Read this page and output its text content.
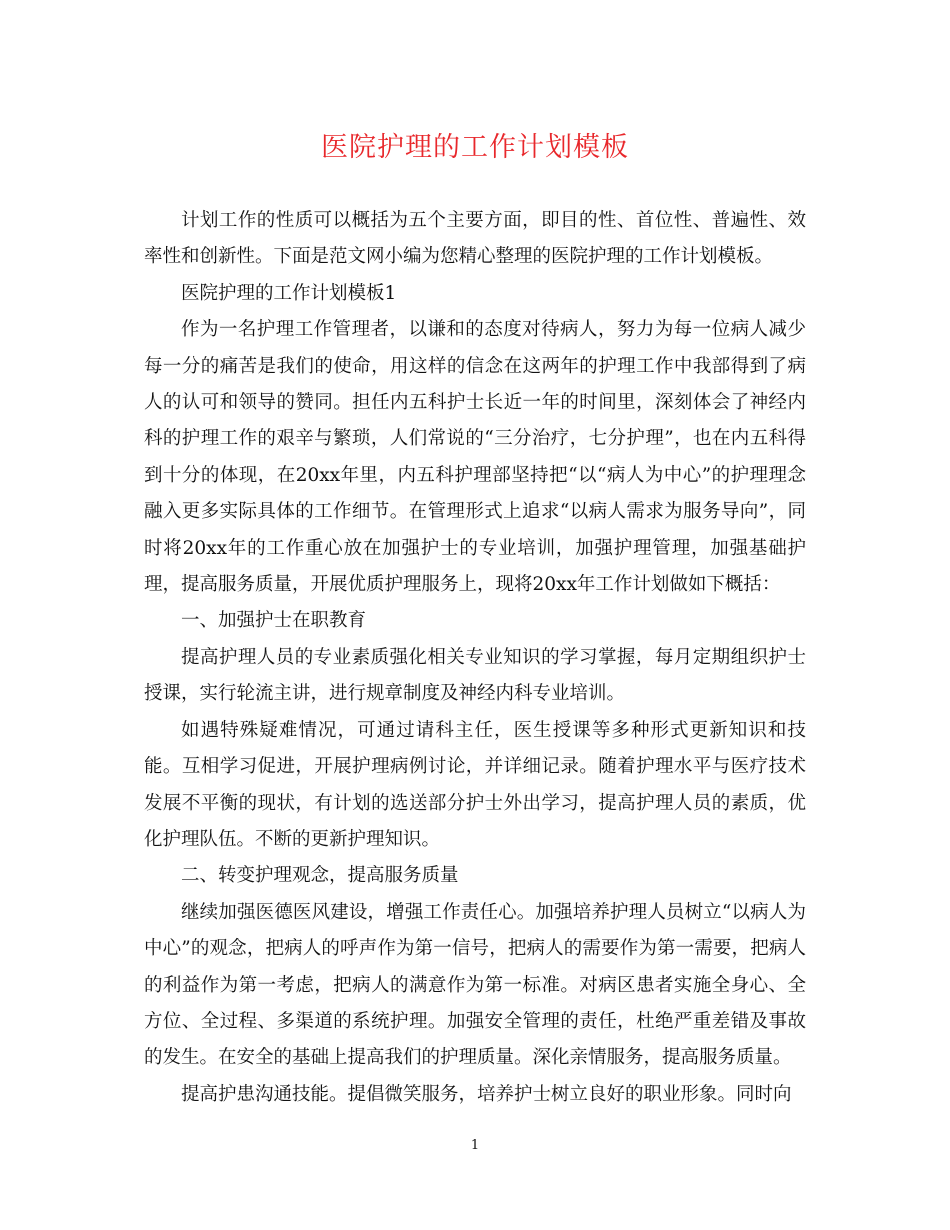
医院护理的工作计划模板

计划工作的性质可以概括为五个主要方面，即目的性、首位性、普遍性、效率性和创新性。下面是范文网小编为您精心整理的医院护理的工作计划模板。

医院护理的工作计划模板1

作为一名护理工作管理者，以谦和的态度对待病人，努力为每一位病人减少每一分的痛苦是我们的使命，用这样的信念在这两年的护理工作中我部得到了病人的认可和领导的赞同。担任内五科护士长近一年的时间里，深刻体会了神经内科的护理工作的艰辛与繁琐，人们常说的“三分治疗，七分护理”，也在内五科得到十分的体现，在20xx年里，内五科护理部坚持把“以“病人为中心”的护理理念融入更多实际具体的工作细节。在管理形式上追求“以病人需求为服务导向”，同时将20xx年的工作重心放在加强护士的专业培训，加强护理管理，加强基础护理，提高服务质量，开展优质护理服务上，现将20xx年工作计划做如下概括：

一、加强护士在职教育

提高护理人员的专业素质强化相关专业知识的学习掌握，每月定期组织护士授课，实行轮流主讲，进行规章制度及神经内科专业培训。

如遇特殊疑难情况，可通过请科主任，医生授课等多种形式更新知识和技能。互相学习促进，开展护理病例讨论，并详细记录。随着护理水平与医疗技术发展不平衡的现状，有计划的选送部分护士外出学习，提高护理人员的素质，优化护理队伍。不断的更新护理知识。

二、转变护理观念，提高服务质量

继续加强医德医风建设，增强工作责任心。加强培养护理人员树立“以病人为中心”的观念，把病人的呼声作为第一信号，把病人的需要作为第一需要，把病人的利益作为第一考虑，把病人的满意作为第一标准。对病区患者实施全身心、全方位、全过程、多渠道的系统护理。加强安全管理的责任，杜绝严重差错及事故的发生。在安全的基础上提高我们的护理质量。深化亲情服务，提高服务质量。

提高护患沟通技能。提倡微笑服务，培养护士树立良好的职业形象。同时向

1
